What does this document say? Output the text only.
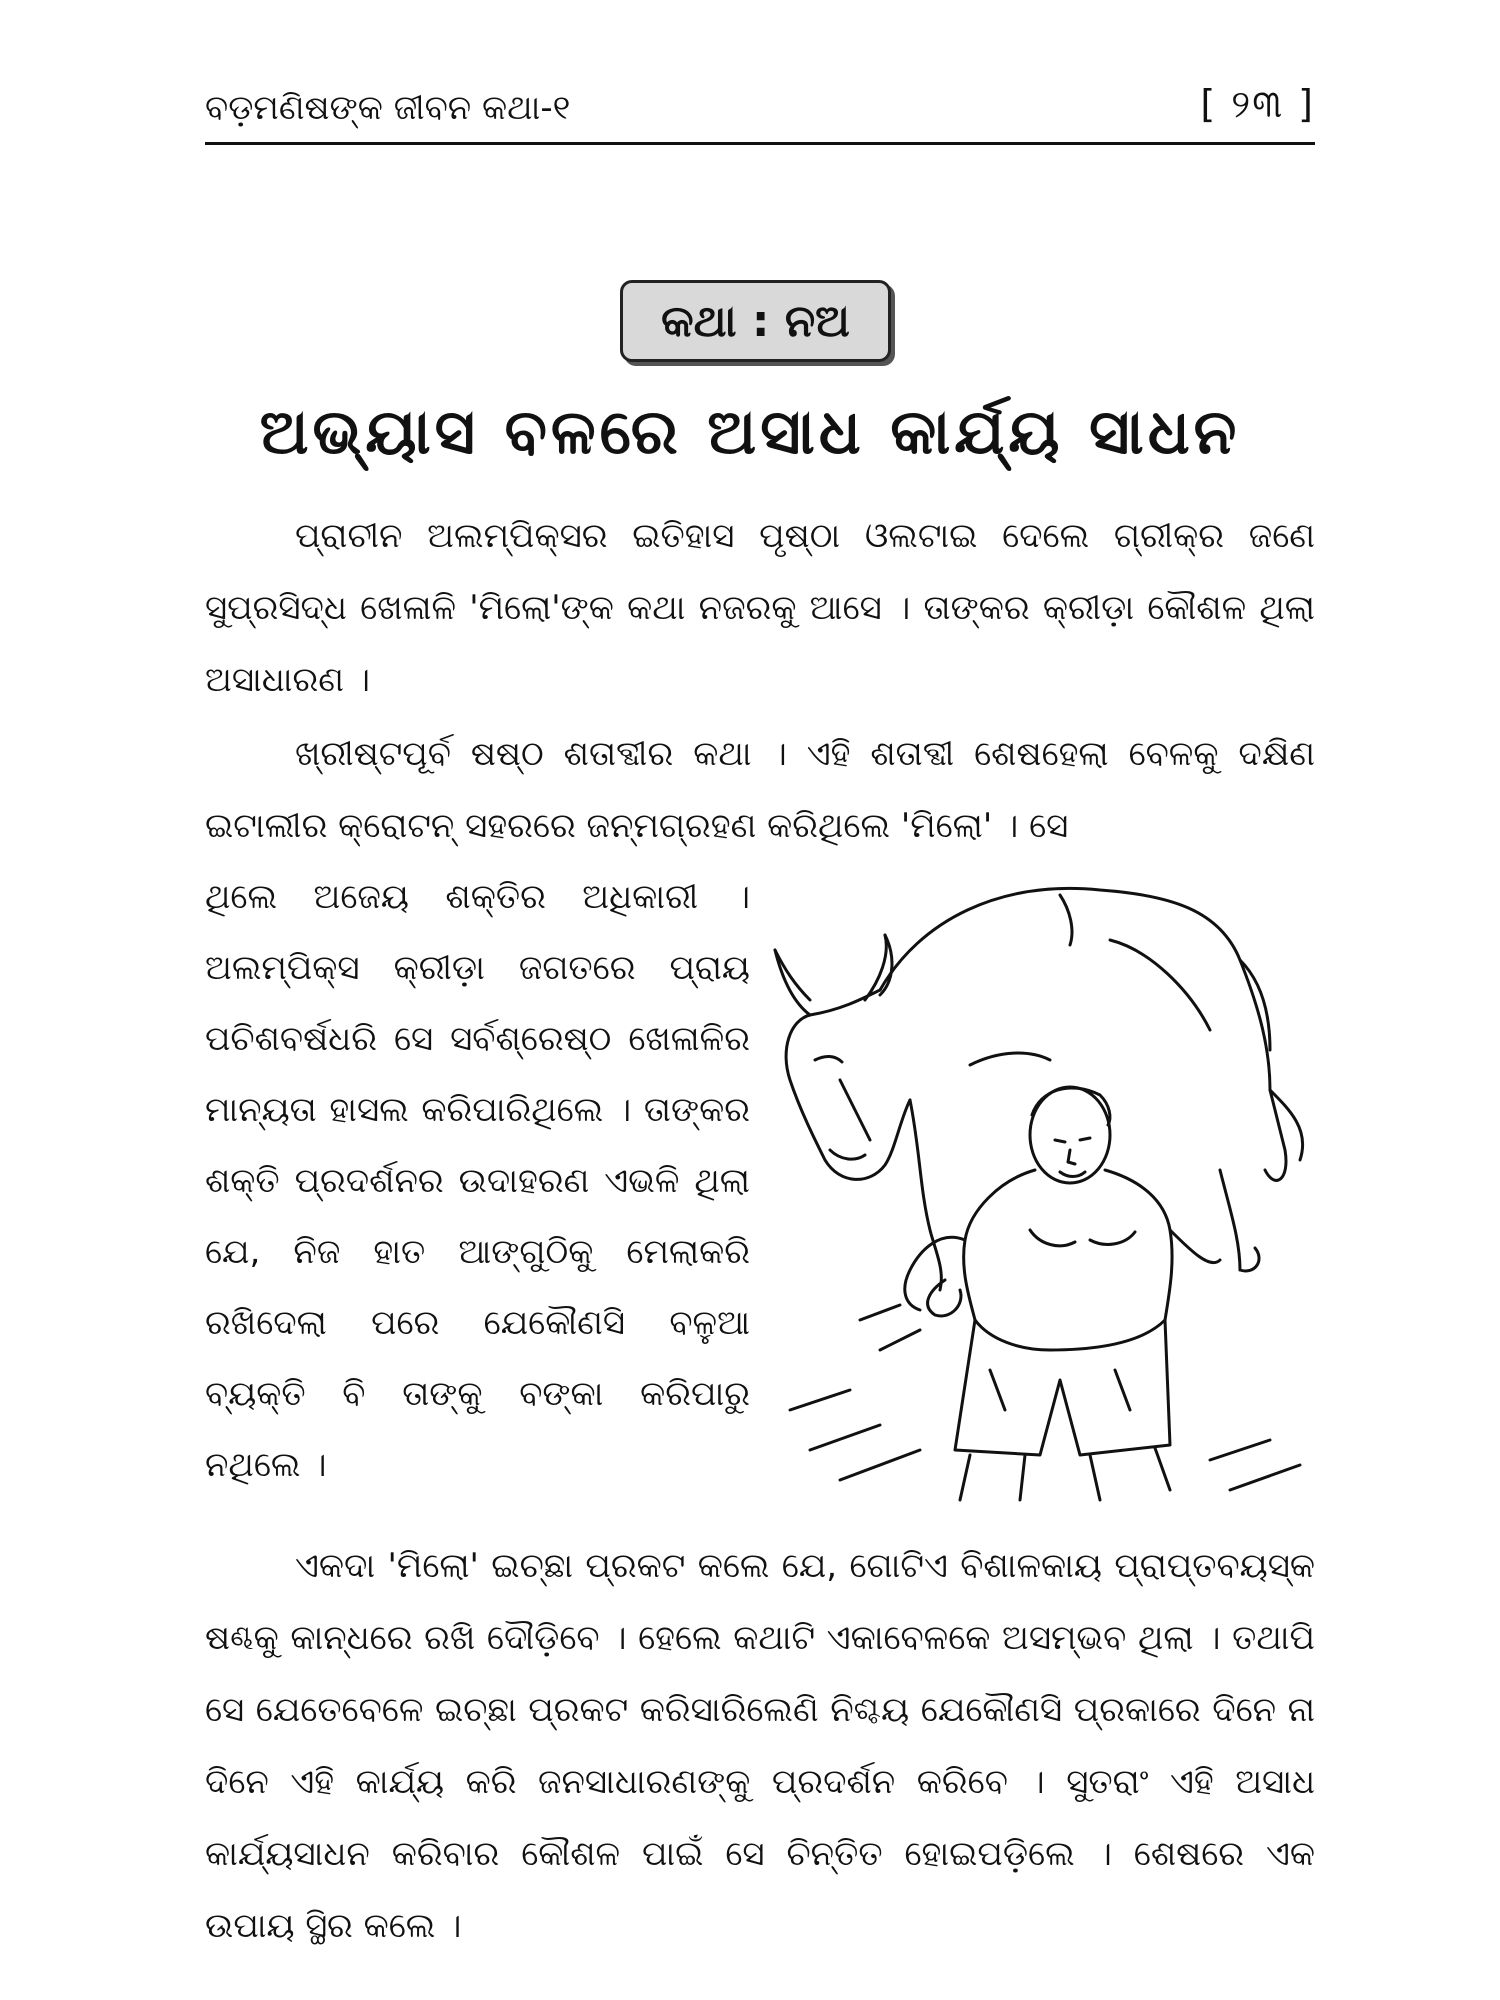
ବଡ଼ମଣିଷଙ୍କ ଜୀବନ କଥା-୧	[ ୨୩ ]
କଥା : ନଅ
ଅଭ୍ୟାସ ବଳରେ ଅସାଧ କାର୍ଯ୍ୟ ସାଧନ

ପ୍ରାଚୀନ ଅଲମ୍ପିକ୍ସର ଇତିହାସ ପୃଷ୍ଠା ଓଲଟାଇ ଦେଲେ ଗ୍ରୀକ୍‌ର ଜଣେ ସୁପ୍ରସିଦ୍ଧ ଖେଳାଳି 'ମିଲୋ'ଙ୍କ କଥା ନଜରକୁ ଆସେ । ତାଙ୍କର କ୍ରୀଡ଼ା କୌଶଳ ଥିଲା ଅସାଧାରଣ ।

ଖ୍ରୀଷ୍ଟପୂର୍ବ ଷଷ୍ଠ ଶତାବ୍ଦୀର କଥା । ଏହି ଶତାବ୍ଦୀ ଶେଷହେଲା ବେଳକୁ ଦକ୍ଷିଣ ଇଟାଲୀର କ୍ରୋଟନ୍ ସହରରେ ଜନ୍ମଗ୍ରହଣ କରିଥିଲେ 'ମିଲୋ' । ସେ

ଥିଲେ ଅଜେୟ ଶକ୍ତିର ଅଧିକାରୀ । ଅଲମ୍ପିକ୍ସ କ୍ରୀଡ଼ା ଜଗତରେ ପ୍ରାୟ ପଚିଶବର୍ଷଧରି ସେ ସର୍ବଶ୍ରେଷ୍ଠ ଖେଳାଳିର ମାନ୍ୟତା ହାସଲ କରିପାରିଥିଲେ । ତାଙ୍କର ଶକ୍ତି ପ୍ରଦର୍ଶନର ଉଦାହରଣ ଏଭଳି ଥିଲା ଯେ, ନିଜ ହାତ ଆଙ୍ଗୁଠିକୁ ମେଲାକରି ରଖିଦେଲା ପରେ ଯେକୌଣସି ବଳୁଆ ବ୍ୟକ୍ତି ବି ତାଙ୍କୁ ବଙ୍କା କରିପାରୁ ନଥିଲେ ।

ଏକଦା 'ମିଲୋ' ଇଚ୍ଛା ପ୍ରକଟ କଲେ ଯେ, ଗୋଟିଏ ବିଶାଳକାୟ ପ୍ରାପ୍ତବୟସ୍କ ଷଣ୍ଢକୁ କାନ୍ଧରେ ରଖି ଦୌଡ଼ିବେ । ହେଲେ କଥାଟି ଏକାବେଳକେ ଅସମ୍ଭବ ଥିଲା । ତଥାପି ସେ ଯେତେବେଳେ ଇଚ୍ଛା ପ୍ରକଟ କରିସାରିଲେଣି ନିଶ୍ଚୟ ଯେକୌଣସି ପ୍ରକାରେ ଦିନେ ନା ଦିନେ ଏହି କାର୍ଯ୍ୟ କରି ଜନସାଧାରଣଙ୍କୁ ପ୍ରଦର୍ଶନ କରିବେ । ସୁତରାଂ ଏହି ଅସାଧ କାର୍ଯ୍ୟସାଧନ କରିବାର କୌଶଳ ପାଇଁ ସେ ଚିନ୍ତିତ ହୋଇପଡ଼ିଲେ । ଶେଷରେ ଏକ ଉପାୟ ସ୍ଥିର କଲେ ।
